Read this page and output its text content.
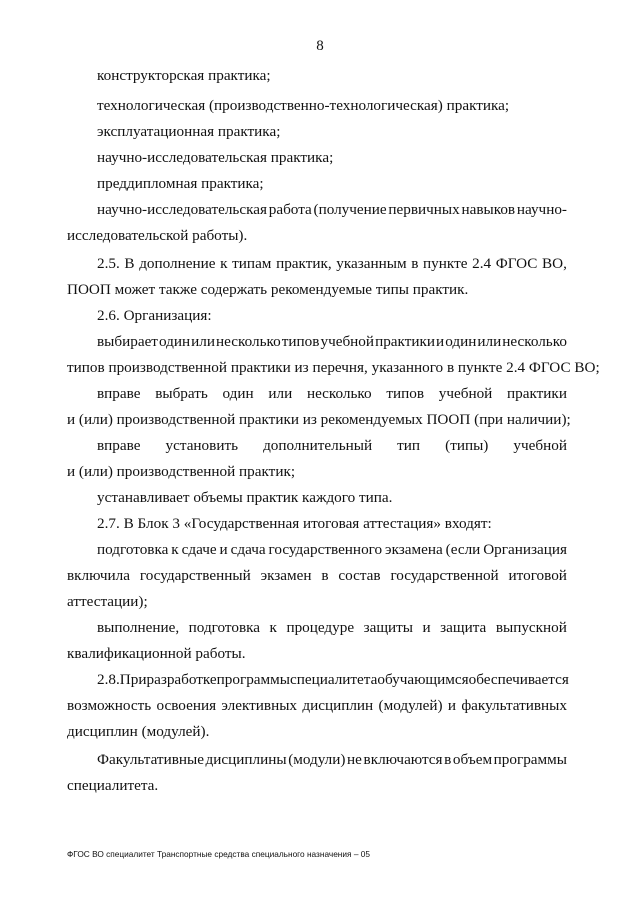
8
конструкторская практика;
технологическая (производственно-технологическая) практика;
эксплуатационная практика;
научно-исследовательская практика;
преддипломная практика;
научно-исследовательская работа (получение первичных навыков научно-
исследовательской работы).
2.5. В дополнение к типам практик, указанным в пункте 2.4 ФГОС ВО,
ПООП может также содержать рекомендуемые типы практик.
2.6. Организация:
выбирает один или несколько типов учебной практики и один или несколько
типов производственной практики из перечня, указанного в пункте 2.4 ФГОС ВО;
вправе выбрать один или несколько типов учебной практики
и (или) производственной практики из рекомендуемых ПООП (при наличии);
вправе установить дополнительный тип (типы) учебной
и (или) производственной практик;
устанавливает объемы практик каждого типа.
2.7. В Блок 3 «Государственная итоговая аттестация» входят:
подготовка к сдаче и сдача государственного экзамена (если Организация
включила государственный экзамен в состав государственной итоговой
аттестации);
выполнение, подготовка к процедуре защиты и защита выпускной
квалификационной работы.
2.8. При разработке программы специалитета обучающимся обеспечивается
возможность освоения элективных дисциплин (модулей) и факультативных
дисциплин (модулей).
Факультативные дисциплины (модули) не включаются в объем программы
специалитета.
ФГОС ВО специалитет Транспортные средства специального назначения – 05
